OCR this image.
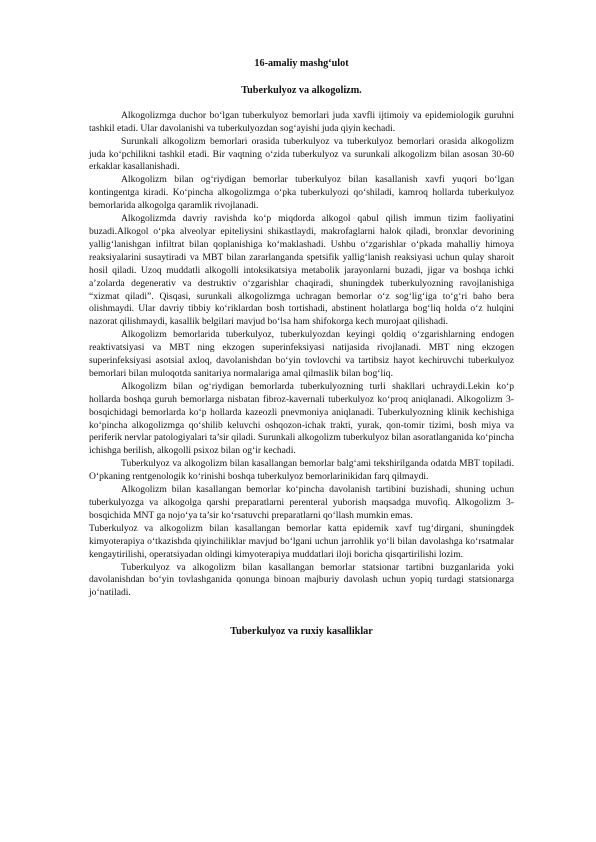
16-amaliy mashg‘ulot
Tuberkulyoz va alkogolizm.

Alkogolizmga duchor bo‘lgan tuberkulyoz bemorlari juda xavfli ijtimoiy va epidemiologik guruhni tashkil etadi. Ular davolanishi va tuberkulyozdan sog‘ayishi juda qiyin kechadi.

Surunkali alkogolizm bemorlari orasida tuberkulyoz va tuberkulyoz bemorlari orasida alkogolizm juda ko‘pchilikni tashkil etadi. Bir vaqtning o‘zida tuberkulyoz va surunkali alkogolizm bilan asosan 30-60 erkaklar kasallanishadi.

Alkogolizm bilan og‘riydigan bemorlar tuberkulyoz bilan kasallanish xavfi yuqori bo‘lgan kontingentga kiradi. Ko‘pincha alkogolizmga o‘pka tuberkulyozi qo‘shiladi, kamroq hollarda tuberkulyoz bemorlarida alkogolga qaramlik rivojlanadi.

Alkogolizmda davriy ravishda ko‘p miqdorda alkogol qabul qilish immun tizim faoliyatini buzadi.Alkogol o‘pka alveolyar epiteliysini shikastlaydi, makrofaglarni halok qiladi, bronxlar devorining yallig‘lanishgan infiltrat bilan qoplanishiga ko‘maklashadi. Ushbu o‘zgarishlar o‘pkada mahalliy himoya reaksiyalarini susaytiradi va MBT bilan zararlanganda spetsifik yallig‘lanish reaksiyasi uchun qulay sharoit hosil qiladi. Uzoq muddatli alkogolli intoksikatsiya metabolik jarayonlarni buzadi, jigar va boshqa ichki a’zolarda degenerativ va destruktiv o‘zgarishlar chaqiradi, shuningdek tuberkulyozning ravojlanishiga “xizmat qiladi”. Qisqasi, surunkali alkogolizmga uchragan bemorlar o‘z sog‘lig‘iga to‘g‘ri baho bera olishmaydi. Ular davriy tibbiy ko‘riklardan bosh tortishadi, abstinent holatlarga bog‘liq holda o‘z hulqini nazorat qilishmaydi, kasallik belgilari mavjud bo‘lsa ham shifokorga kech murojaat qilishadi.

Alkogolizm bemorlarida tuberkulyoz, tuberkulyozdan keyingi qoldiq o‘zgarishlarning endogen reaktivatsiyasi va MBT ning ekzogen superinfeksiyasi natijasida rivojlanadi. MBT ning ekzogen superinfeksiyasi asotsial axloq, davolanishdan bo‘yin tovlovchi va tartibsiz hayot kechiruvchi tuberkulyoz bemorlari bilan muloqotda sanitariya normalariga amal qilmaslik bilan bog‘liq.

Alkogolizm bilan og‘riydigan bemorlarda tuberkulyozning turli shakllari uchraydi.Lekin ko‘p hollarda boshqa guruh bemorlarga nisbatan fibroz-kavernali tuberkulyoz ko‘proq aniqlanadi. Alkogolizm 3-bosqichidagi bemorlarda ko‘p hollarda kazeozli pnevmoniya aniqlanadi. Tuberkulyozning klinik kechishiga ko‘pincha alkogolizmga qo‘shilib keluvchi oshqozon-ichak trakti, yurak, qon-tomir tizimi, bosh miya va periferik nervlar patologiyalari ta’sir qiladi. Surunkali alkogolizm tuberkulyoz bilan asoratlanganida ko‘pincha ichishga berilish, alkogolli psixoz bilan og‘ir kechadi.

Tuberkulyoz va alkogolizm bilan kasallangan bemorlar balg‘ami tekshirilganda odatda MBT topiladi. O‘pkaning rentgenologik ko‘rinishi boshqa tuberkulyoz bemorlarinikidan farq qilmaydi.

Alkogolizm bilan kasallangan bemorlar ko‘pincha davolanish tartibini buzishadi, shuning uchun tuberkulyozga va alkogolga qarshi preparatlarni perenteral yuborish maqsadga muvofiq. Alkogolizm 3- bosqichida MNT ga nojo‘ya ta’sir ko‘rsatuvchi preparatlarni qo‘llash mumkin emas.

Tuberkulyoz va alkogolizm bilan kasallangan bemorlar katta epidemik xavf tug‘dirgani, shuningdek kimyoterapiya o‘tkazishda qiyinchiliklar mavjud bo‘lgani uchun jarrohlik yo‘li bilan davolashga ko‘rsatmalar kengaytirilishi, operatsiyadan oldingi kimyoterapiya muddatlari iloji boricha qisqartirilishi lozim.

Tuberkulyoz va alkogolizm bilan kasallangan bemorlar statsionar tartibni buzganlarida yoki davolanishdan bo‘yin tovlashganida qonunga binoan majburiy davolash uchun yopiq turdagi statsionarga jo‘natiladi.

Tuberkulyoz va ruxiy kasalliklar
